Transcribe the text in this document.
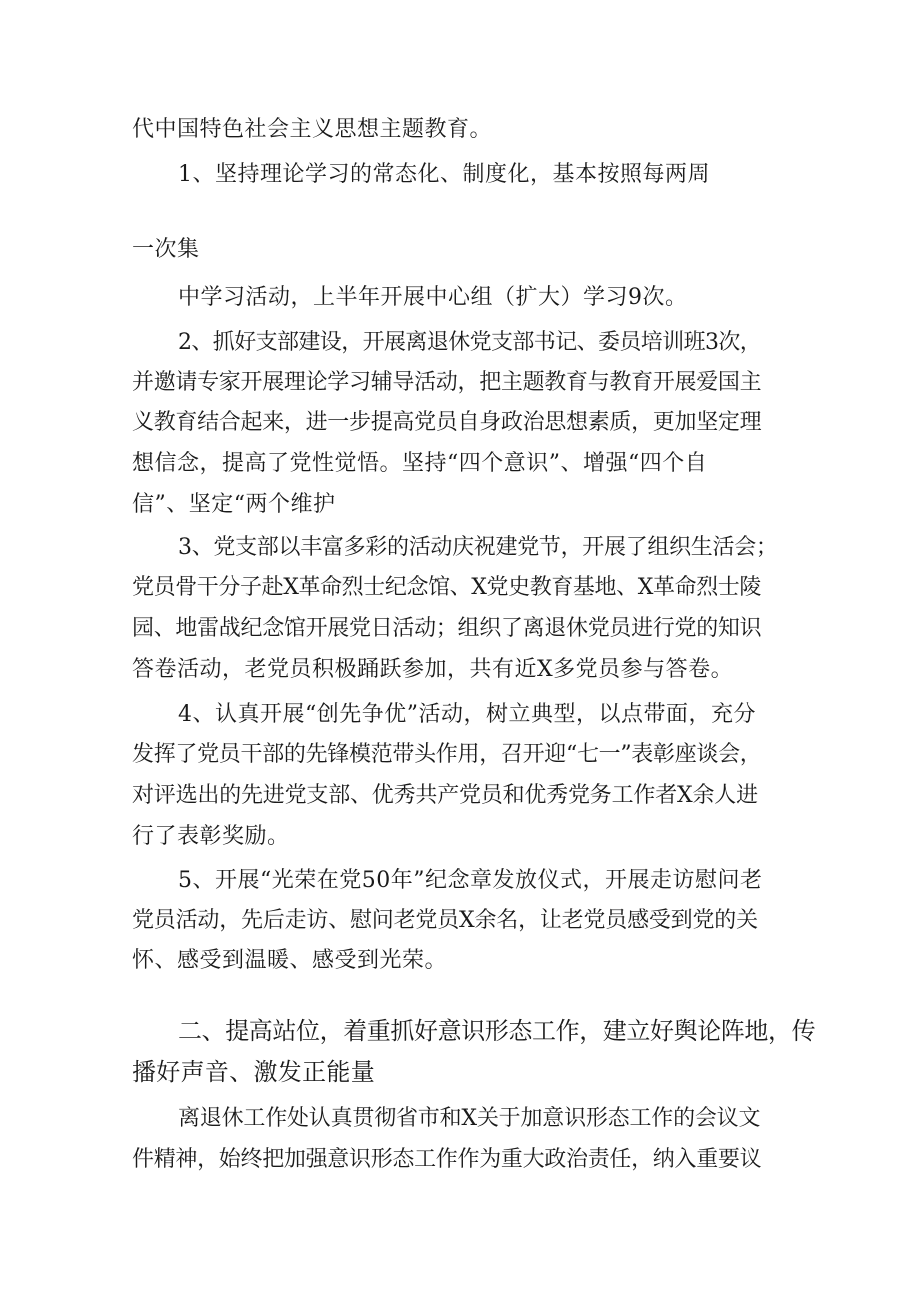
代中国特色社会主义思想主题教育。
1、坚持理论学习的常态化、制度化，基本按照每两周
一次集
中学习活动，上半年开展中心组（扩大）学习9次。
2、抓好支部建设，开展离退休党支部书记、委员培训班3次，
并邀请专家开展理论学习辅导活动，把主题教育与教育开展爱国主
义教育结合起来，进一步提高党员自身政治思想素质，更加坚定理
想信念，提高了党性觉悟。坚持“四个意识”、增强“四个自
信”、坚定“两个维护
3、党支部以丰富多彩的活动庆祝建党节，开展了组织生活会；
党员骨干分子赴X革命烈士纪念馆、X党史教育基地、X革命烈士陵
园、地雷战纪念馆开展党日活动；组织了离退休党员进行党的知识
答卷活动，老党员积极踊跃参加，共有近X多党员参与答卷。
4、认真开展“创先争优”活动，树立典型，以点带面，充分
发挥了党员干部的先锋模范带头作用，召开迎“七一”表彰座谈会，
对评选出的先进党支部、优秀共产党员和优秀党务工作者X余人进
行了表彰奖励。
5、开展“光荣在党50年”纪念章发放仪式，开展走访慰问老
党员活动，先后走访、慰问老党员X余名，让老党员感受到党的关
怀、感受到温暖、感受到光荣。
二、提高站位，着重抓好意识形态工作，建立好舆论阵地，传
播好声音、激发正能量
离退休工作处认真贯彻省市和X关于加意识形态工作的会议文
件精神，始终把加强意识形态工作作为重大政治责任，纳入重要议
